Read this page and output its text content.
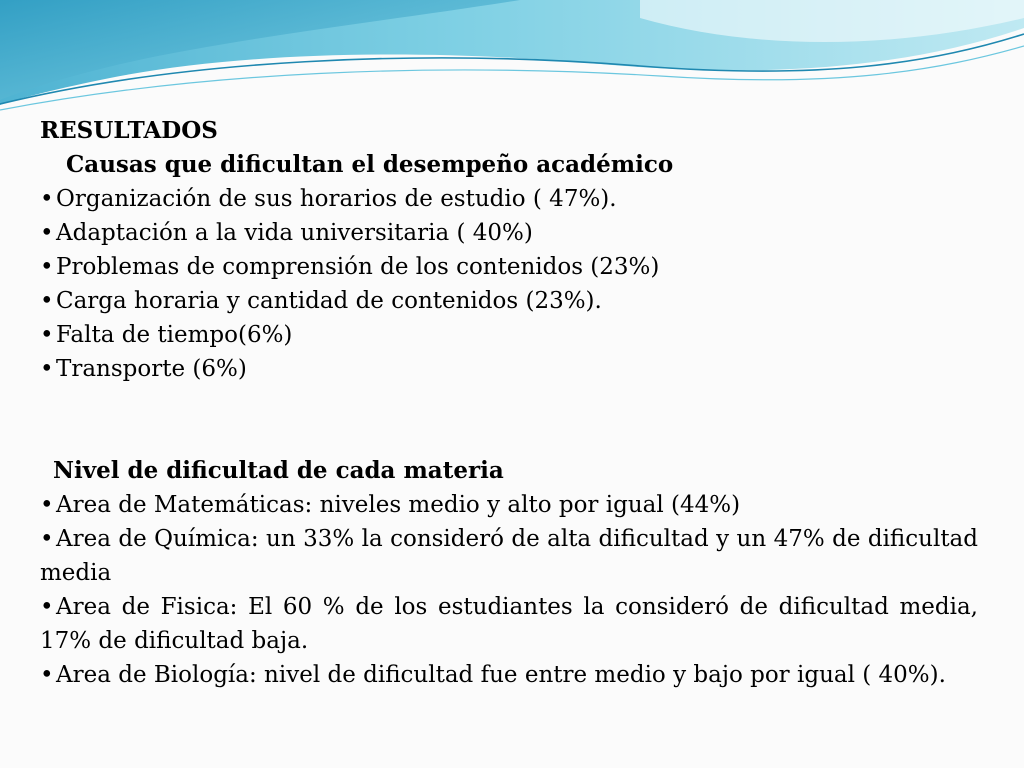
RESULTADOS
Causas que dificultan el desempeño académico
• Organización de sus horarios de estudio ( 47%).
• Adaptación a la vida universitaria ( 40%)
• Problemas de comprensión de los contenidos (23%)
• Carga horaria y cantidad de contenidos (23%).
• Falta de tiempo(6%)
• Transporte (6%)
Nivel de dificultad de cada materia
• Area de Matemáticas: niveles medio y alto por igual (44%)
• Area de Química: un 33% la consideró de alta dificultad y un 47% de dificultad media
• Area de Fisica: El 60 % de los estudiantes la consideró de dificultad media, 17% de dificultad baja.
• Area de Biología: nivel de dificultad fue entre medio y bajo por igual ( 40%).
